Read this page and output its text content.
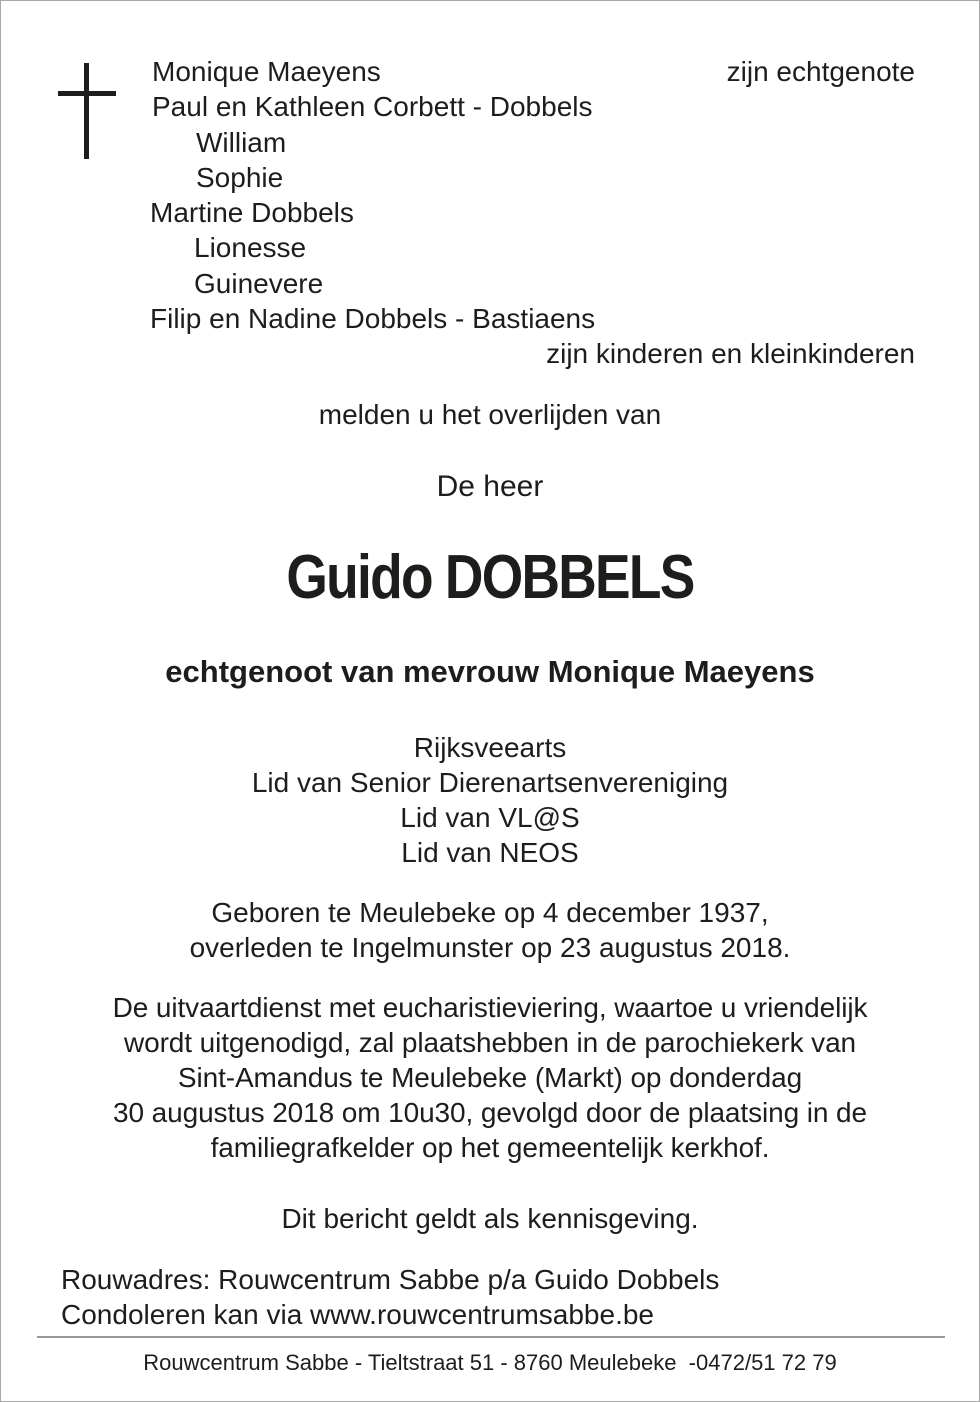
Monique Maeyens	zijn echtgenote
Paul en Kathleen Corbett - Dobbels
William
Sophie
Martine Dobbels
Lionesse
Guinevere
Filip en Nadine Dobbels - Bastiaens
zijn kinderen en kleinkinderen
melden u het overlijden van
De heer
Guido DOBBELS
echtgenoot van mevrouw Monique Maeyens
Rijksveearts
Lid van Senior Dierenartsenvereniging
Lid van VL@S
Lid van NEOS
Geboren te Meulebeke op 4 december 1937,
overleden te Ingelmunster op 23 augustus 2018.
De uitvaartdienst met eucharistieviering, waartoe u vriendelijk
wordt uitgenodigd, zal plaatshebben in de parochiekerk van
Sint-Amandus te Meulebeke (Markt) op donderdag
30 augustus 2018 om 10u30, gevolgd door de plaatsing in de
familiegrafkelder op het gemeentelijk kerkhof.
Dit bericht geldt als kennisgeving.
Rouwadres: Rouwcentrum Sabbe p/a Guido Dobbels
Condoleren kan via www.rouwcentrumsabbe.be
Rouwcentrum Sabbe - Tieltstraat 51 - 8760 Meulebeke  -0472/51 72 79
